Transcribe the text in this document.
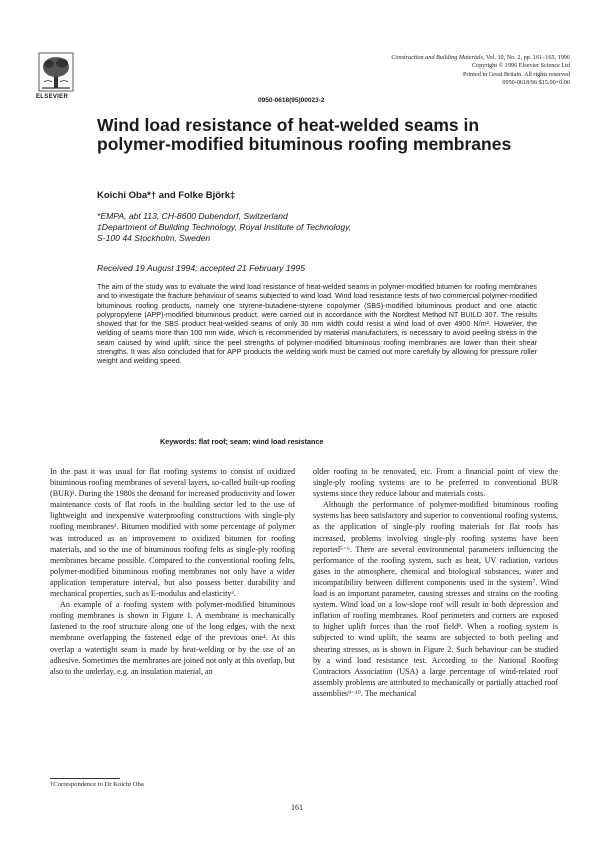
ELSEVIER
Construction and Building Materials, Vol. 10, No. 2, pp. 161–165, 1996
Copyright © 1996 Elsevier Science Ltd
Printed in Great Britain. All rights reserved
0950-0618/96 $15.00+0.00
0950-0618(95)00023-2
Wind load resistance of heat-welded seams in polymer-modified bituminous roofing membranes
Koichi Oba*† and Folke Björk‡
*EMPA, abt 113, CH-8600 Dubendorf, Switzerland
‡Department of Building Technology, Royal Institute of Technology,
S-100 44 Stockholm, Sweden
Received 19 August 1994; accepted 21 February 1995

The aim of the study was to evaluate the wind load resistance of heat-welded seams in polymer-modified bitumen for roofing membranes and to investigate the fracture behaviour of seams subjected to wind load. Wind load resistance tests of two commercial polymer-modified bituminous roofing products, namely one styrene-butadiene-styrene copolymer (SBS)-modified bituminous product and one atactic polypropylene (APP)-modified bituminous product, were carried out in accordance with the Nordtest Method NT BUILD 307. The results showed that for the SBS product heat-welded seams of only 30 mm width could resist a wind load of over 4900 N/m². However, the welding of seams more than 100 mm wide, which is recommended by material manufacturers, is necessary to avoid peeling stress in the seam caused by wind uplift, since the peel strengths of polymer-modified bituminous roofing membranes are lower than their shear strengths. It was also concluded that for APP products the welding work must be carried out more carefully by allowing for pressure roller weight and welding speed.

Keywords: flat roof; seam; wind load resistance

In the past it was usual for flat roofing systems to consist of oxidized bituminous roofing membranes of several layers, so-called built-up roofing (BUR)¹. During the 1980s the demand for increased productivity and lower maintenance costs of flat roofs in the building sector led to the use of lightweight and inexpensive waterproofing constructions with single-ply roofing membranes². Bitumen modified with some percentage of polymer was introduced as an improvement to oxidized bitumen for roofing materials, and so the use of bituminous roofing felts as single-ply roofing membranes became possible. Compared to the conventional roofing felts, polymer-modified bituminous roofing membranes not only have a wider application temperature interval, but also possess better durability and mechanical properties, such as E-modulus and elasticity³.

An example of a roofing system with polymer-modified bituminous roofing membranes is shown in Figure 1. A membrane is mechanically fastened to the roof structure along one of the long edges, with the next membrane overlapping the fastened edge of the previous one⁴. At this overlap a watertight seam is made by heat-welding or by the use of an adhesive. Sometimes the membranes are joined not only at this overlap, but also to the underlay, e.g. an insulation material, an

older roofing to be renovated, etc. From a financial point of view the single-ply roofing systems are to be preferred to conventional BUR systems since they reduce labour and materials costs.

Although the performance of polymer-modified bituminous roofing systems has been satisfactory and superior to conventional roofing systems, as the application of single-ply roofing materials for flat roofs has increased, problems involving single-ply roofing systems have been reported⁵⁻⁶. There are several environmental parameters influencing the performance of the roofing system, such as heat, UV radiation, various gases in the atmosphere, chemical and biological substances, water and incompatibility between different components used in the system⁷. Wind load is an important parameter, causing stresses and strains on the roofing system. Wind load on a low-slope roof will result in both depression and inflation of roofing membranes. Roof perimeters and corners are exposed to higher uplift forces than the roof field⁸. When a roofing system is subjected to wind uplift, the seams are subjected to both peeling and shearing stresses, as is shown in Figure 2. Such behaviour can be studied by a wind load resistance test. According to the National Roofing Contractors Association (USA) a large percentage of wind-related roof assembly problems are attributed to mechanically or partially attached roof assemblies⁹⁻¹⁰. The mechanical

†Correspondence to Dr Koichi Oba
161
